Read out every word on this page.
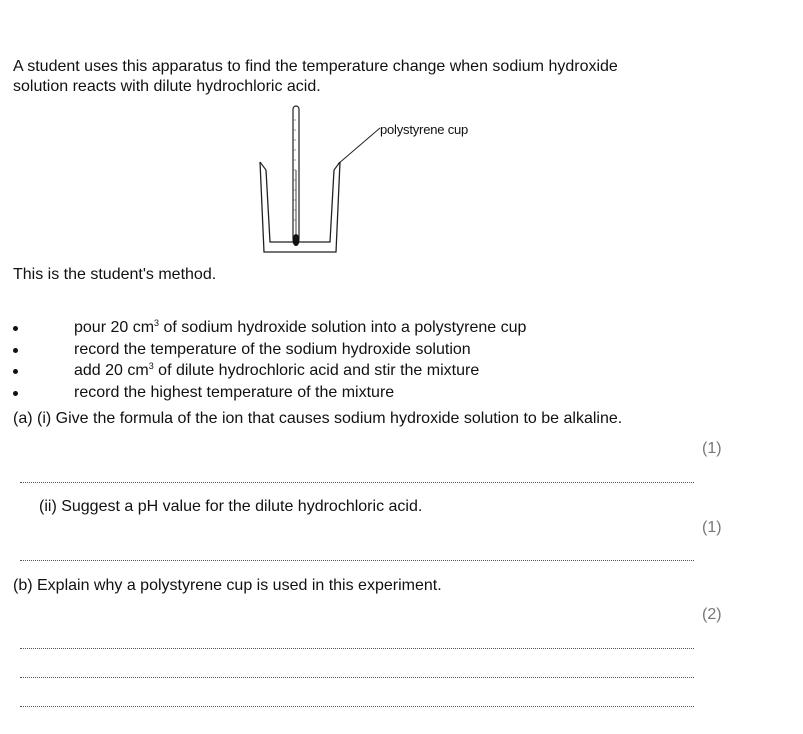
A student uses this apparatus to find the temperature change when sodium hydroxide
solution reacts with dilute hydrochloric acid.
polystyrene cup
This is the student's method.
pour 20 $cm^3$ of sodium hydroxide solution into a polystyrene cup
record the temperature of the sodium hydroxide solution
add 20 $cm^3$ of dilute hydrochloric acid and stir the mixture
record the highest temperature of the mixture
(a) (i) Give the formula of the ion that causes sodium hydroxide solution to be alkaline.
(1)
(ii) Suggest a pH value for the dilute hydrochloric acid.
(1)
(b) Explain why a polystyrene cup is used in this experiment.
(2)
